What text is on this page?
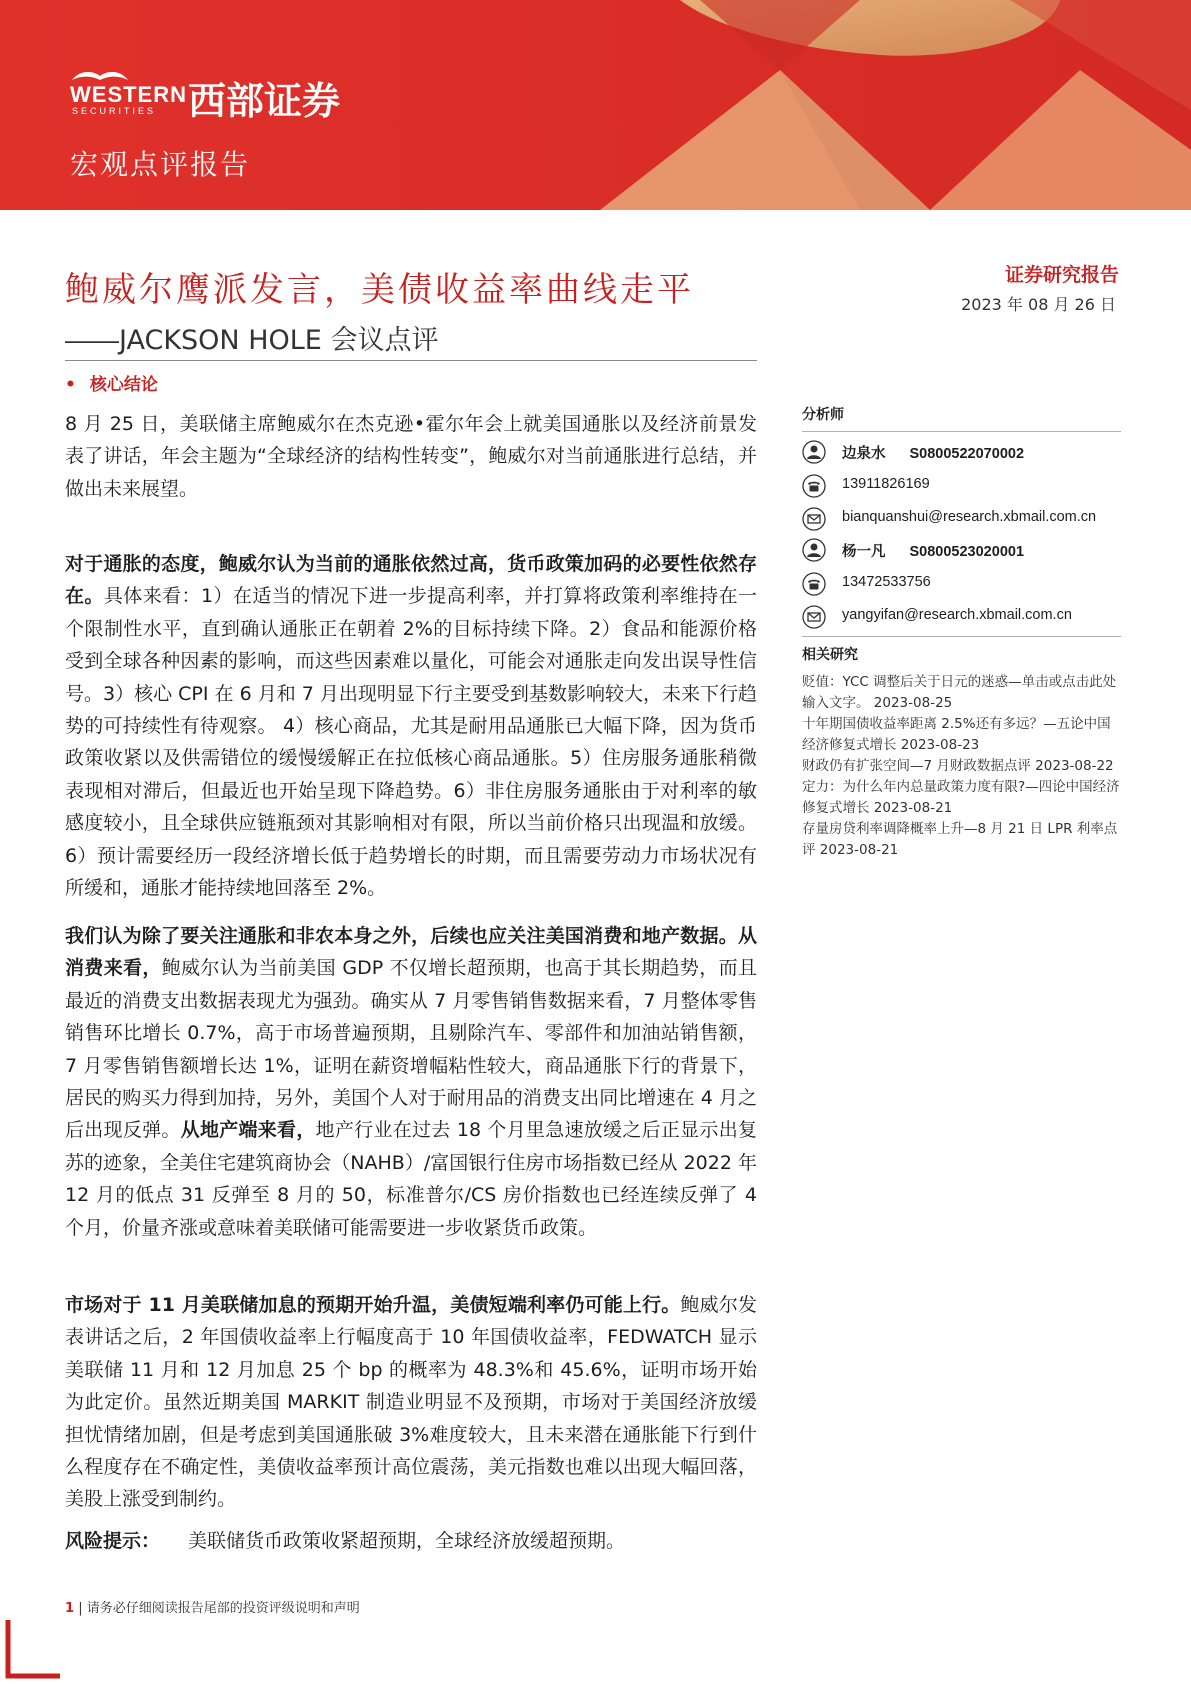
WESTERN
SECURITIES 西部证券
宏观点评报告
鲍威尔鹰派发言，美债收益率曲线走平
——JACKSON HOLE 会议点评
证券研究报告
2023 年 08 月 26 日
• 核心结论
8 月 25 日，美联储主席鲍威尔在杰克逊•霍尔年会上就美国通胀以及经济前景发表了讲话，年会主题为“全球经济的结构性转变”，鲍威尔对当前通胀进行总结，并做出未来展望。
对于通胀的态度，鲍威尔认为当前的通胀依然过高，货币政策加码的必要性依然存在。具体来看：1）在适当的情况下进一步提高利率，并打算将政策利率维持在一个限制性水平，直到确认通胀正在朝着 2%的目标持续下降。2）食品和能源价格受到全球各种因素的影响，而这些因素难以量化，可能会对通胀走向发出误导性信号。3）核心 CPI 在 6 月和 7 月出现明显下行主要受到基数影响较大，未来下行趋势的可持续性有待观察。 4）核心商品，尤其是耐用品通胀已大幅下降，因为货币政策收紧以及供需错位的缓慢缓解正在拉低核心商品通胀。5）住房服务通胀稍微表现相对滞后，但最近也开始呈现下降趋势。6）非住房服务通胀由于对利率的敏感度较小，且全球供应链瓶颈对其影响相对有限，所以当前价格只出现温和放缓。6）预计需要经历一段经济增长低于趋势增长的时期，而且需要劳动力市场状况有所缓和，通胀才能持续地回落至 2%。
我们认为除了要关注通胀和非农本身之外，后续也应关注美国消费和地产数据。从消费来看，鲍威尔认为当前美国 GDP 不仅增长超预期，也高于其长期趋势，而且最近的消费支出数据表现尤为强劲。确实从 7 月零售销售数据来看，7 月整体零售销售环比增长 0.7%，高于市场普遍预期，且剔除汽车、零部件和加油站销售额，7 月零售销售额增长达 1%，证明在薪资增幅粘性较大，商品通胀下行的背景下，居民的购买力得到加持，另外，美国个人对于耐用品的消费支出同比增速在 4 月之后出现反弹。从地产端来看，地产行业在过去 18 个月里急速放缓之后正显示出复苏的迹象，全美住宅建筑商协会（NAHB）/富国银行住房市场指数已经从 2022 年 12 月的低点 31 反弹至 8 月的 50，标准普尔/CS 房价指数也已经连续反弹了 4 个月，价量齐涨或意味着美联储可能需要进一步收紧货币政策。
市场对于 11 月美联储加息的预期开始升温，美债短端利率仍可能上行。鲍威尔发表讲话之后，2 年国债收益率上行幅度高于 10 年国债收益率，FEDWATCH 显示美联储 11 月和 12 月加息 25 个 bp 的概率为 48.3%和 45.6%，证明市场开始为此定价。虽然近期美国 MARKIT 制造业明显不及预期，市场对于美国经济放缓担忧情绪加剧，但是考虑到美国通胀破 3%难度较大，且未来潜在通胀能下行到什么程度存在不确定性，美债收益率预计高位震荡，美元指数也难以出现大幅回落，美股上涨受到制约。
风险提示： 美联储货币政策收紧超预期，全球经济放缓超预期。
分析师
边泉水 S0800522070002
13911826169
bianquanshui@research.xbmail.com.cn
杨一凡 S0800523020001
13472533756
yangyifan@research.xbmail.com.cn
相关研究

贬值：YCC 调整后关于日元的迷惑—单击或点击此处输入文字。 2023-08-25

十年期国债收益率距离 2.5%还有多远？—五论中国经济修复式增长 2023-08-23

财政仍有扩张空间—7 月财政数据点评 2023-08-22

定力：为什么年内总量政策力度有限?—四论中国经济修复式增长 2023-08-21

存量房贷利率调降概率上升—8 月 21 日 LPR 利率点评 2023-08-21

1 | 请务必仔细阅读报告尾部的投资评级说明和声明
